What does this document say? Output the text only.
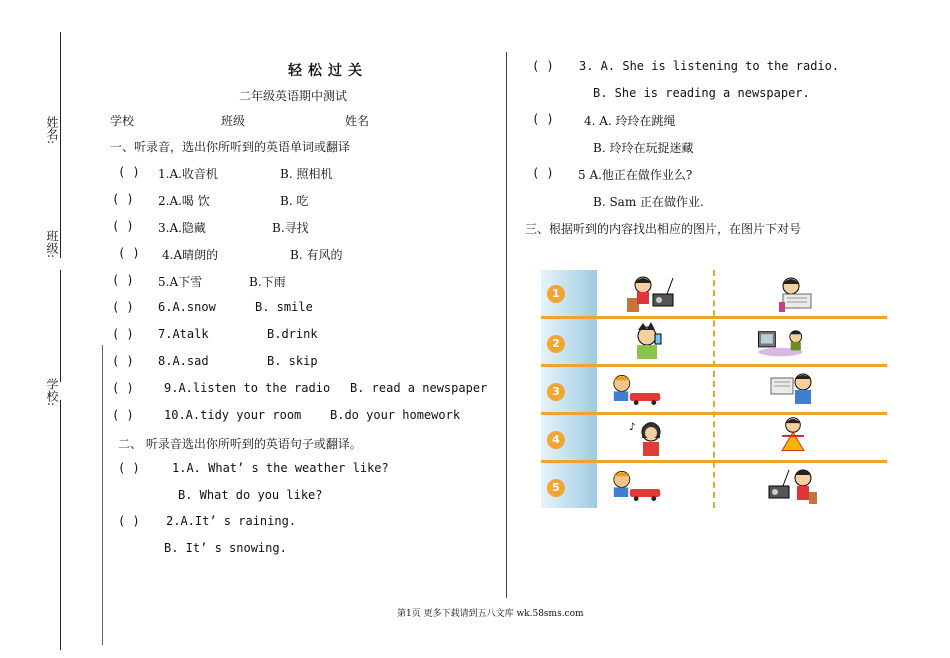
姓名:
班级:
学校:
轻松过关
二年级英语期中测试
学校	班级	姓名
一、听录音，选出你所听到的英语单词或翻译
( ) 1.A.收音机	B. 照相机
( ) 2.A.喝 饮	B. 吃
( ) 3.A.隐藏	B.寻找
( ) 4.A晴朗的	B. 有风的
( ) 5.A下雪	B.下雨
( ) 6.A.snow	B. smile
( ) 7.Atalk	B.drink
( ) 8.A.sad	B. skip
( )	9.A.listen to the radio B. read a newspaper
( )	10.A.tidy your room B.do your homework
二、 听录音选出你所听到的英语句子或翻译。
( )	1.A. What’ s the weather like?
B. What do you like?
( ) 2.A.It’ s raining.
B. It’ s snowing.
( ) 3. A. She is listening to the radio.
B. She is reading a newspaper.
( )	4. A. 玲玲在跳绳
B. 玲玲在玩捉迷藏
( ) 5 A.他正在做作业么?
B. Sam 正在做作业.
三、根据听到的内容找出相应的图片，在图片下对号
1
2
3
4
5
♪
第1页 更多下载请到五八文库 wk.58sms.com
